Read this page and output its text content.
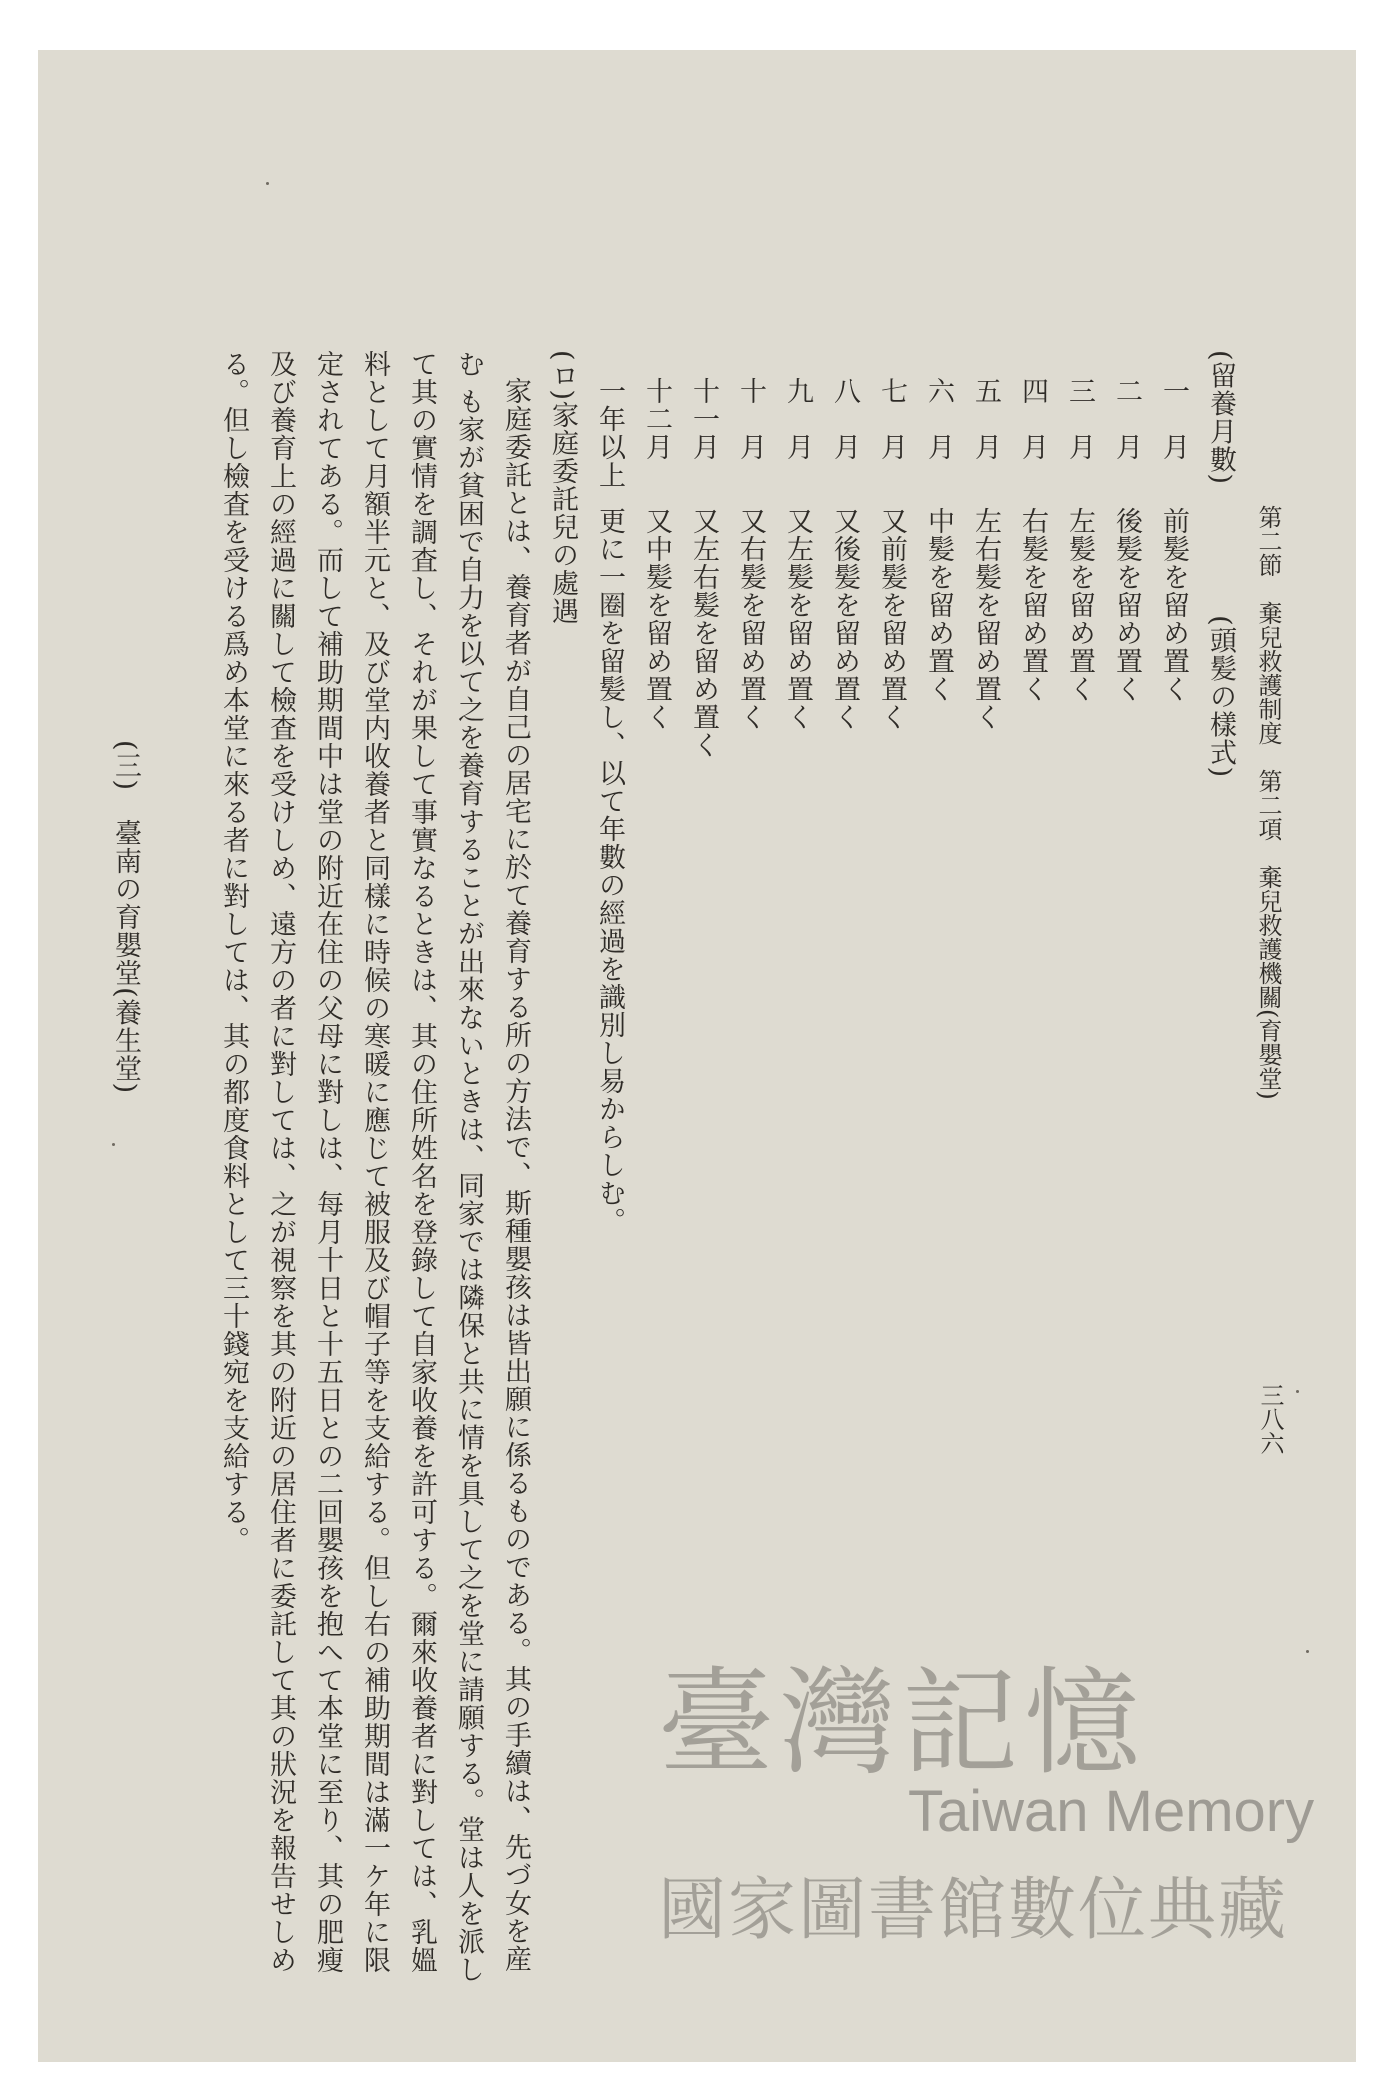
第二節　棄兒救護制度　第二項　棄兒救護機關(育嬰堂)
三八六
(留養月數)(頭髪の樣式)
一　月前髪を留め置く
二　月後髪を留め置く
三　月左髪を留め置く
四　月右髪を留め置く
五　月左右髪を留め置く
六　月中髪を留め置く
七　月又前髪を留め置く
八　月又後髪を留め置く
九　月又左髪を留め置く
十　月又右髪を留め置く
十一月又左右髪を留め置く
十二月又中髪を留め置く
一年以上更に一圈を留髪し、以て年數の經過を識別し易からしむ。
(ロ)家庭委託兒の處遇
家庭委託とは、養育者が自己の居宅に於て養育する所の方法で、斯種嬰孩は皆出願に係るものである。其の手續は、先づ女を産
む も家が貧困で自力を以て之を養育することが出來ないときは、同家では隣保と共に情を具して之を堂に請願する。堂は人を派し
て其の實情を調査し、それが果して事實なるときは、其の住所姓名を登錄して自家收養を許可する。爾來收養者に對しては、乳媼
料として月額半元と、及び堂内收養者と同樣に時候の寒暖に應じて被服及び帽子等を支給する。但し右の補助期間は滿一ケ年に限
定されてある。而して補助期間中は堂の附近在住の父母に對しは、每月十日と十五日との二回嬰孩を抱へて本堂に至り、其の肥瘦
及び養育上の經過に關して檢査を受けしめ、遠方の者に對しては、之が視察を其の附近の居住者に委託して其の狀況を報告せしめ
る。但し檢査を受ける爲め本堂に來る者に對しては、其の都度食料として三十錢宛を支給する。
(三)　臺南の育嬰堂(養生堂)
臺灣記憶
Taiwan Memory
國家圖書館數位典藏
